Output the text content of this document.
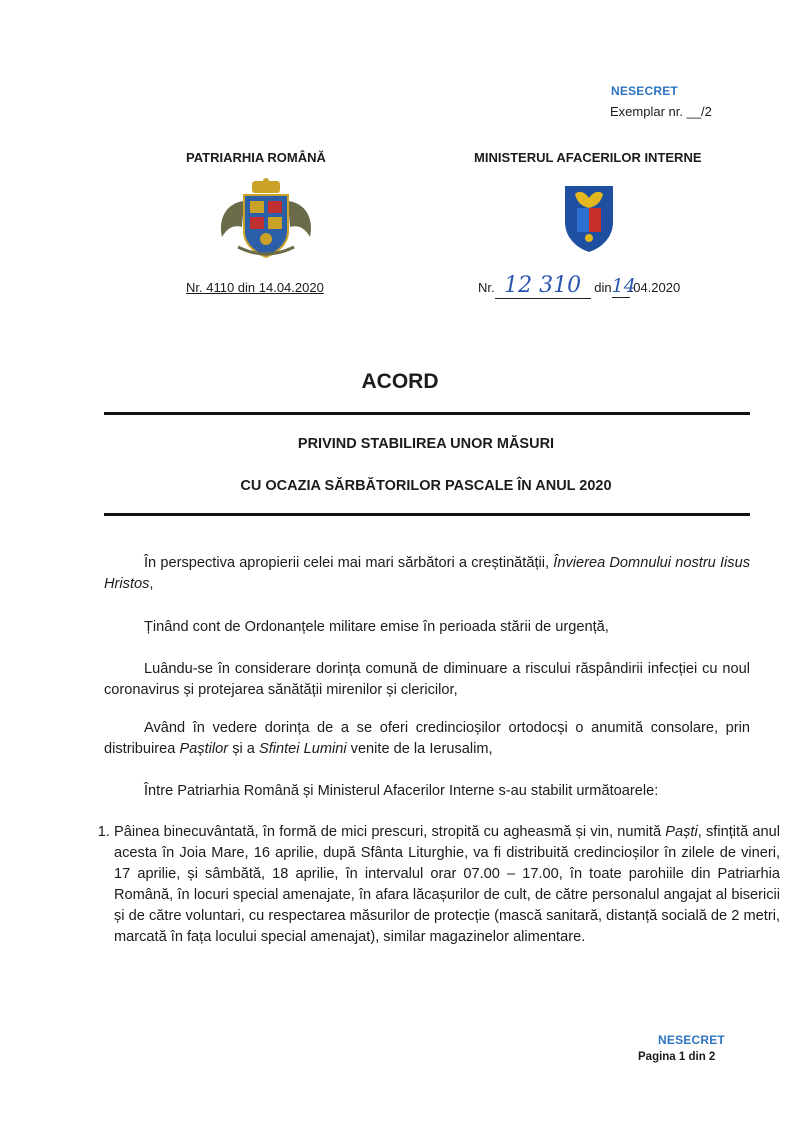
NESECRET
Exemplar nr. __/2
PATRIARHIA ROMÂNĂ
Nr. 4110 din 14.04.2020
MINISTERUL AFACERILOR INTERNE
Nr. 12 310 din14.04.2020
ACORD
PRIVIND STABILIREA UNOR MĂSURI
CU OCAZIA SĂRBĂTORILOR PASCALE ÎN ANUL 2020
În perspectiva apropierii celei mai mari sărbători a creștinătății, Învierea Domnului nostru Iisus Hristos,
Ținând cont de Ordonanțele militare emise în perioada stării de urgență,
Luându-se în considerare dorința comună de diminuare a riscului răspândirii infecției cu noul coronavirus și protejarea sănătății mirenilor și clericilor,
Având în vedere dorința de a se oferi credincioșilor ortodocși o anumită consolare, prin distribuirea Paștilor și a Sfintei Lumini venite de la Ierusalim,
Între Patriarhia Română și Ministerul Afacerilor Interne s-au stabilit următoarele:
1. Pâinea binecuvântată, în formă de mici prescuri, stropită cu agheasmă și vin, numită Paști, sfințită anul acesta în Joia Mare, 16 aprilie, după Sfânta Liturghie, va fi distribuită credincioșilor în zilele de vineri, 17 aprilie, și sâmbătă, 18 aprilie, în intervalul orar 07.00 – 17.00, în toate parohiile din Patriarhia Română, în locuri special amenajate, în afara lăcașurilor de cult, de către personalul angajat al bisericii și de către voluntari, cu respectarea măsurilor de protecție (mască sanitară, distanță socială de 2 metri, marcată în fața locului special amenajat), similar magazinelor alimentare.
NESECRET
Pagina 1 din 2
